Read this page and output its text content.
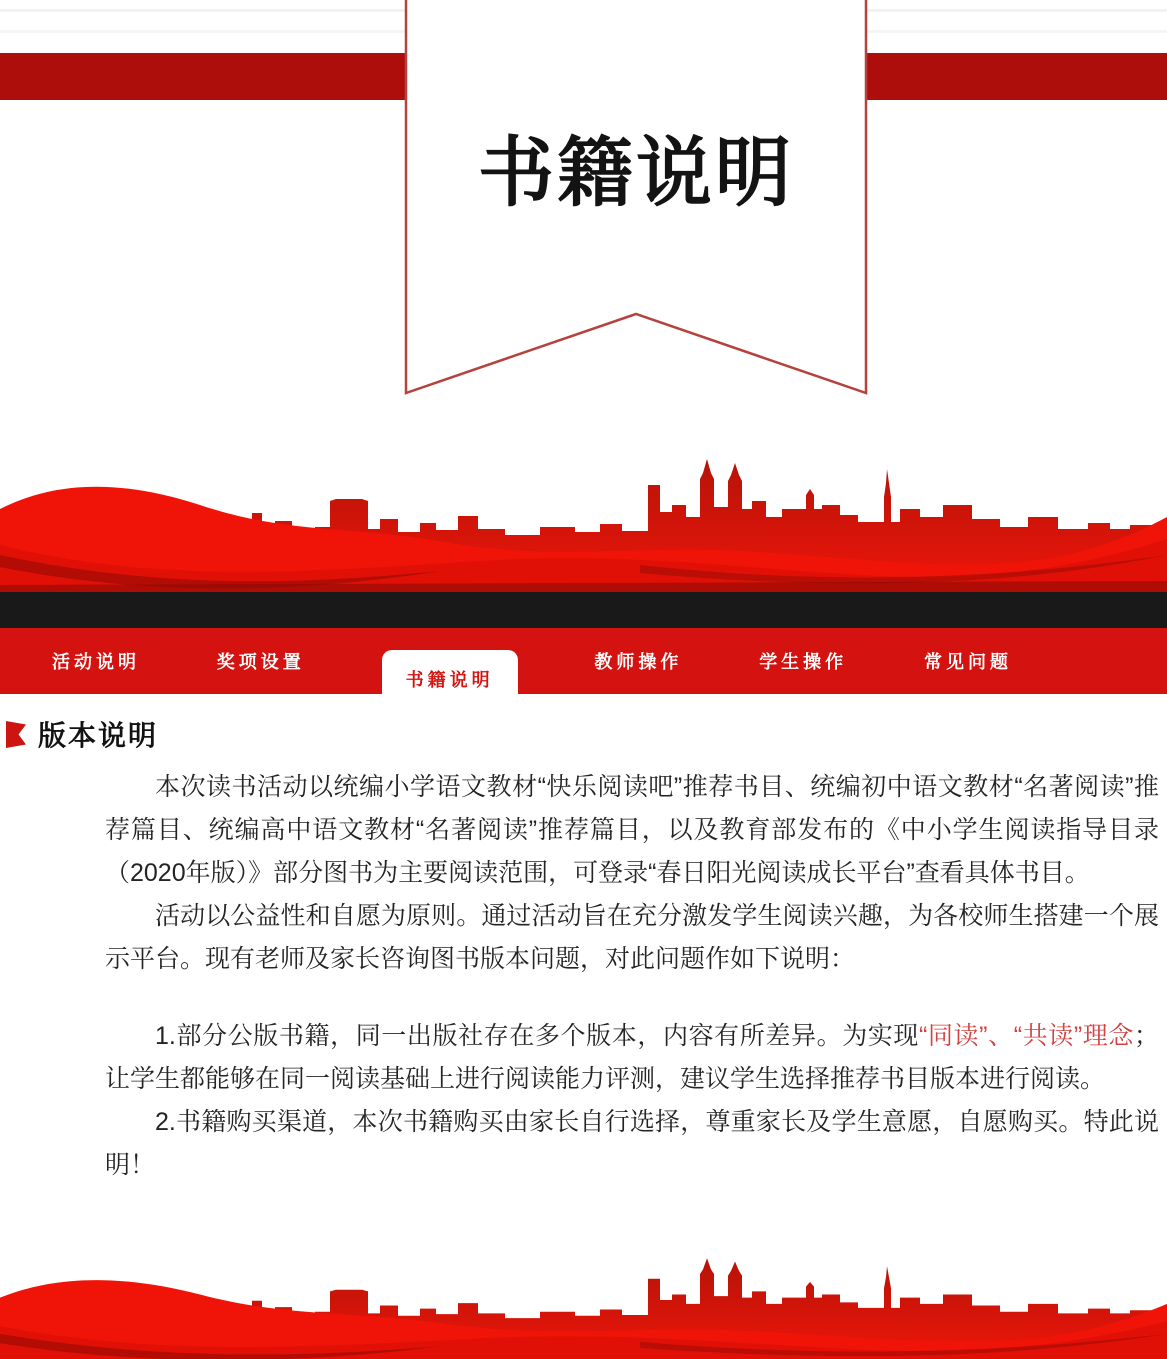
书籍说明
活动说明	奖项设置
书籍说明
教师操作	学生操作	常见问题
版本说明

本次读书活动以统编小学语文教材“快乐阅读吧”推荐书目、统编初中语文教材“名著阅读”推荐篇目、统编高中语文教材“名著阅读”推荐篇目，以及教育部发布的《中小学生阅读指导目录（2020年版）》部分图书为主要阅读范围，可登录“春日阳光阅读成长平台”查看具体书目。

活动以公益性和自愿为原则。通过活动旨在充分激发学生阅读兴趣，为各校师生搭建一个展示平台。现有老师及家长咨询图书版本问题，对此问题作如下说明：

1.部分公版书籍，同一出版社存在多个版本，内容有所差异。为实现“同读”、“共读”理念；让学生都能够在同一阅读基础上进行阅读能力评测，建议学生选择推荐书目版本进行阅读。

2.书籍购买渠道，本次书籍购买由家长自行选择，尊重家长及学生意愿，自愿购买。特此说明！
